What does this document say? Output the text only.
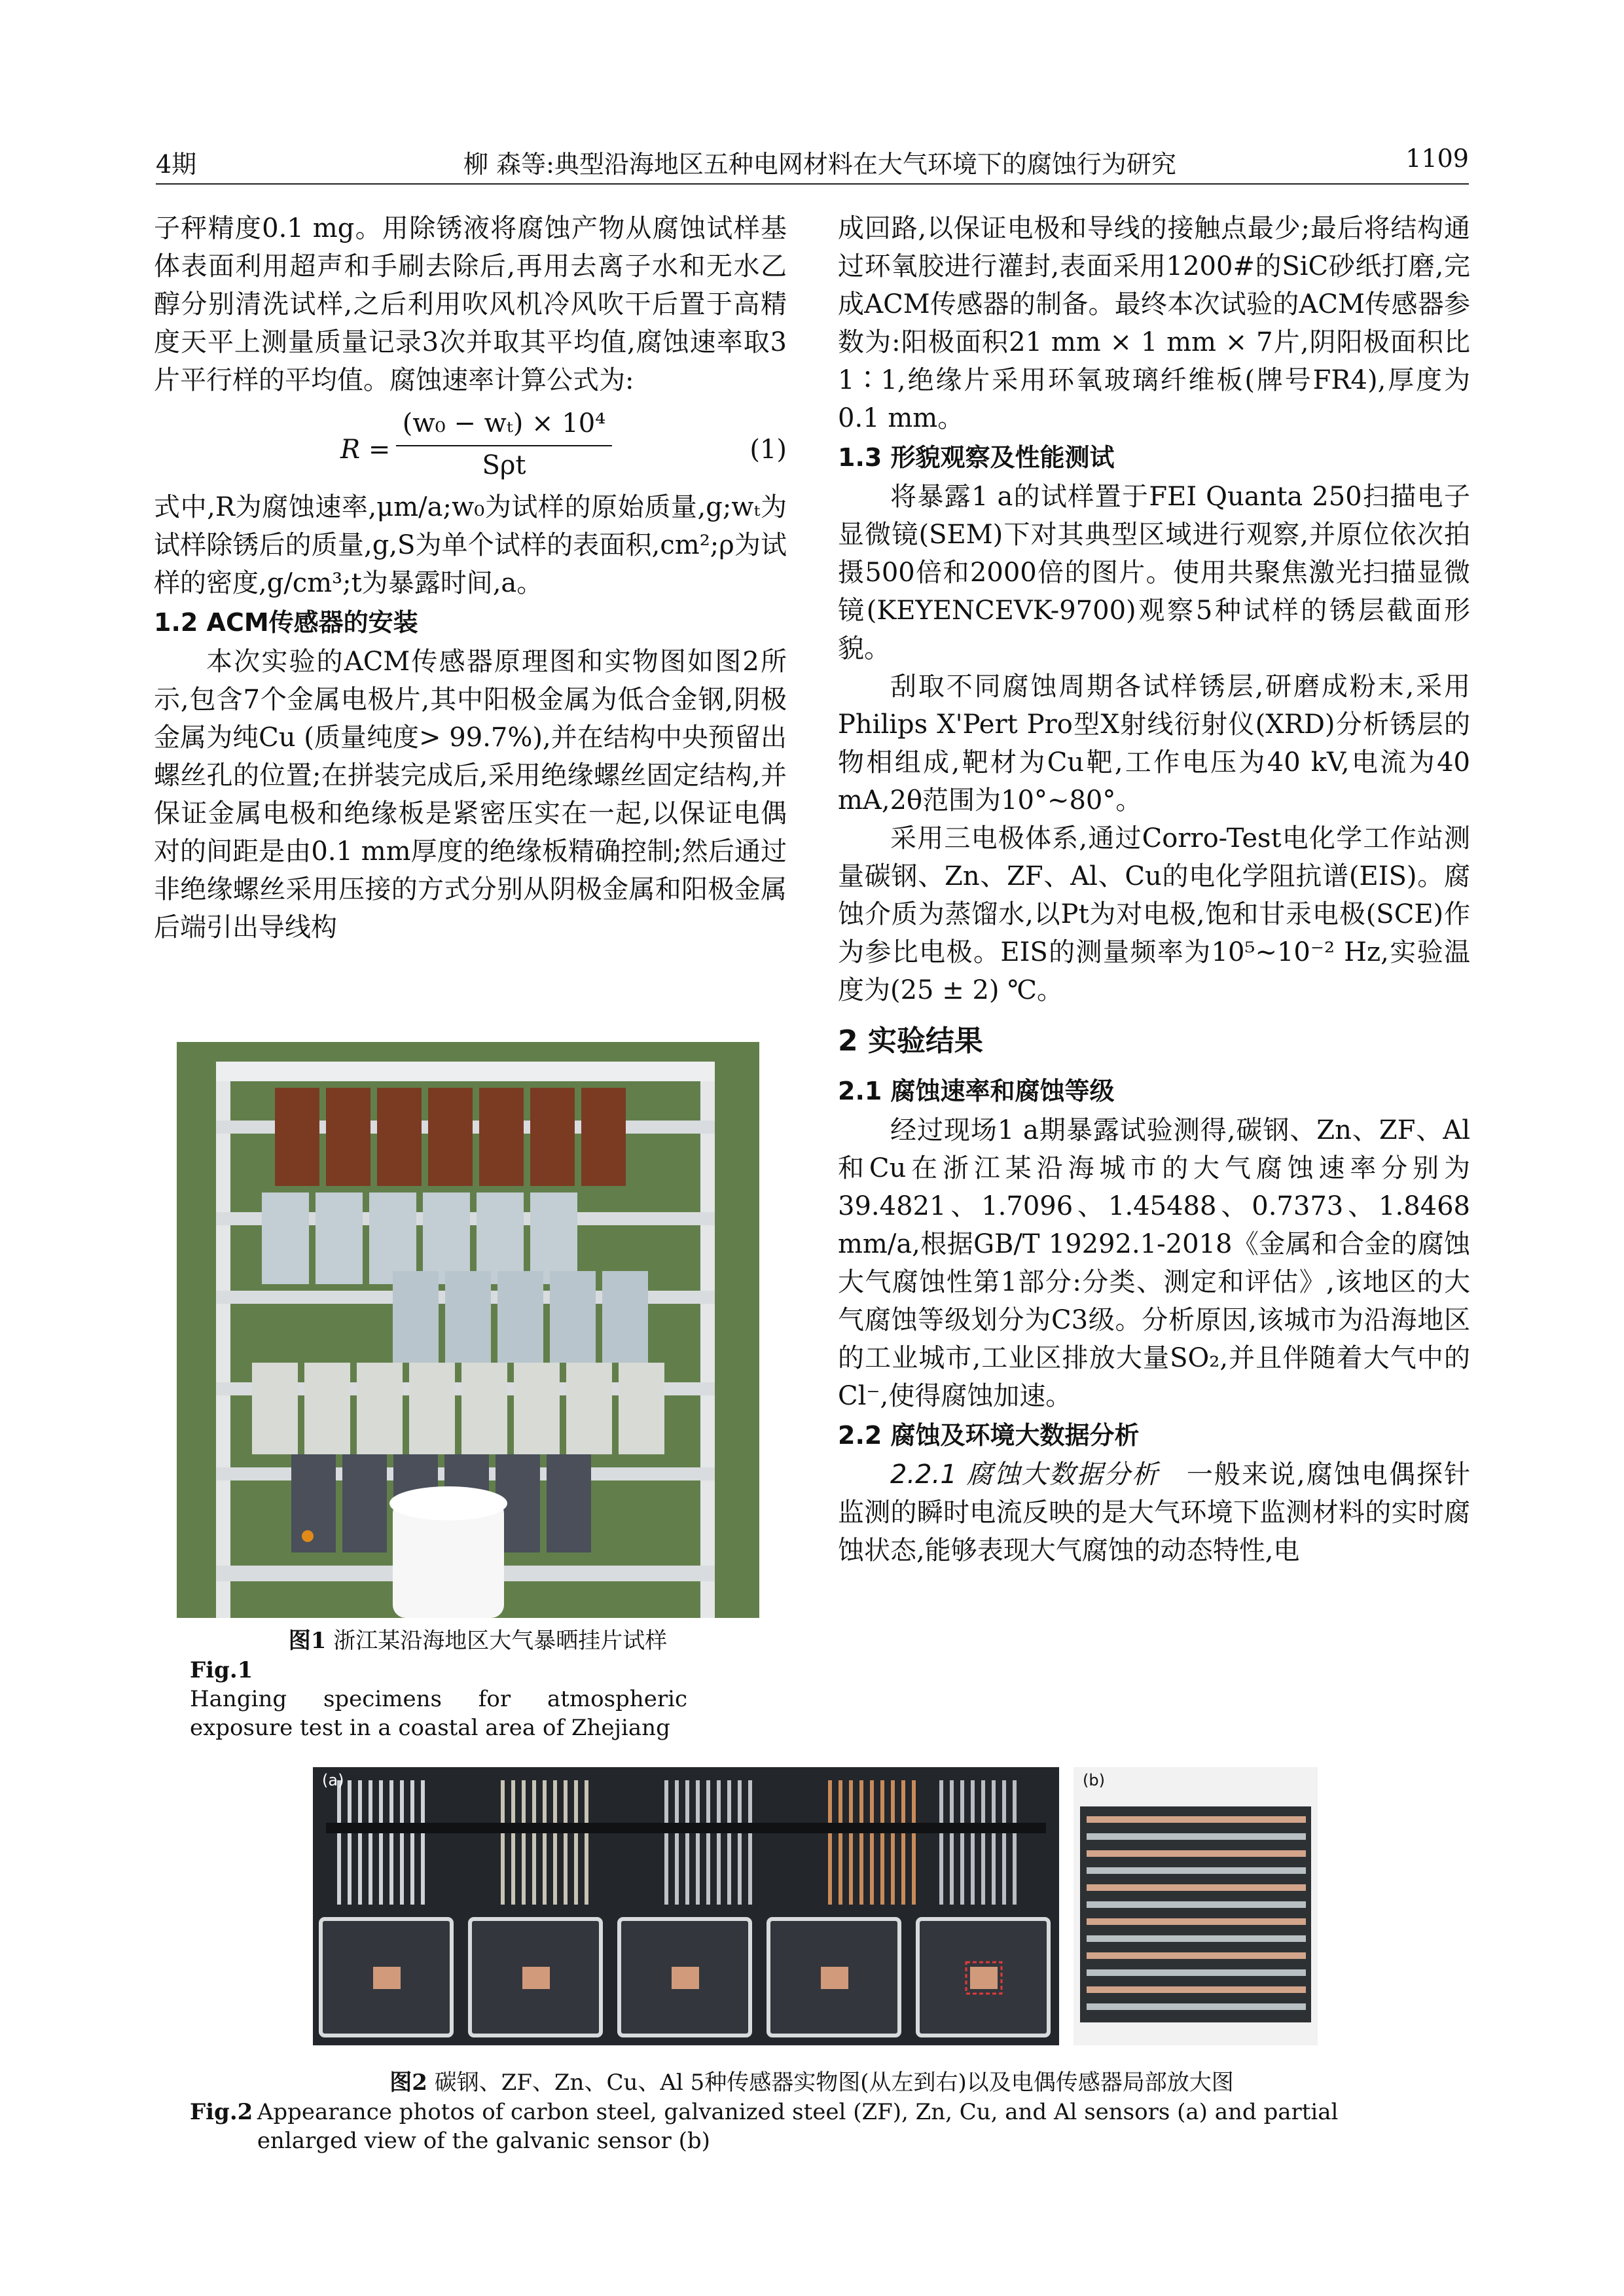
4期	柳 森等:典型沿海地区五种电网材料在大气环境下的腐蚀行为研究	1109

子秤精度0.1 mg。用除锈液将腐蚀产物从腐蚀试样基体表面利用超声和手刷去除后,再用去离子水和无水乙醇分别清洗试样,之后利用吹风机冷风吹干后置于高精度天平上测量质量记录3次并取其平均值,腐蚀速率取3片平行样的平均值。腐蚀速率计算公式为:

R =
(w₀ − wₜ) × 10⁴
Sρt
(1)

式中,R为腐蚀速率,μm/a;w₀为试样的原始质量,g;wₜ为试样除锈后的质量,g,S为单个试样的表面积,cm²;ρ为试样的密度,g/cm³;t为暴露时间,a。

1.2 ACM传感器的安装

本次实验的ACM传感器原理图和实物图如图2所示,包含7个金属电极片,其中阳极金属为低合金钢,阴极金属为纯Cu (质量纯度> 99.7%),并在结构中央预留出螺丝孔的位置;在拼装完成后,采用绝缘螺丝固定结构,并保证金属电极和绝缘板是紧密压实在一起,以保证电偶对的间距是由0.1 mm厚度的绝缘板精确控制;然后通过非绝缘螺丝采用压接的方式分别从阴极金属和阳极金属后端引出导线构

图1 浙江某沿海地区大气暴晒挂片试样
Fig.1 Hanging specimens for atmospheric exposure test in a coastal area of Zhejiang

成回路,以保证电极和导线的接触点最少;最后将结构通过环氧胶进行灌封,表面采用1200#的SiC砂纸打磨,完成ACM传感器的制备。最终本次试验的ACM传感器参数为:阳极面积21 mm × 1 mm × 7片,阴阳极面积比1∶1,绝缘片采用环氧玻璃纤维板(牌号FR4),厚度为0.1 mm。

1.3 形貌观察及性能测试

将暴露1 a的试样置于FEI Quanta 250扫描电子显微镜(SEM)下对其典型区域进行观察,并原位依次拍摄500倍和2000倍的图片。使用共聚焦激光扫描显微镜(KEYENCEVK-9700)观察5种试样的锈层截面形貌。

刮取不同腐蚀周期各试样锈层,研磨成粉末,采用Philips X'Pert Pro型X射线衍射仪(XRD)分析锈层的物相组成,靶材为Cu靶,工作电压为40 kV,电流为40 mA,2θ范围为10°~80°。

采用三电极体系,通过Corro-Test电化学工作站测量碳钢、Zn、ZF、Al、Cu的电化学阻抗谱(EIS)。腐蚀介质为蒸馏水,以Pt为对电极,饱和甘汞电极(SCE)作为参比电极。EIS的测量频率为10⁵~10⁻² Hz,实验温度为(25 ± 2) ℃。

2 实验结果
2.1 腐蚀速率和腐蚀等级

经过现场1 a期暴露试验测得,碳钢、Zn、ZF、Al和Cu在浙江某沿海城市的大气腐蚀速率分别为39.4821、1.7096、1.45488、0.7373、1.8468 mm/a,根据GB/T 19292.1-2018《金属和合金的腐蚀大气腐蚀性第1部分:分类、测定和评估》,该地区的大气腐蚀等级划分为C3级。分析原因,该城市为沿海地区的工业城市,工业区排放大量SO₂,并且伴随着大气中的Cl⁻,使得腐蚀加速。

2.2 腐蚀及环境大数据分析

2.2.1 腐蚀大数据分析  一般来说,腐蚀电偶探针监测的瞬时电流反映的是大气环境下监测材料的实时腐蚀状态,能够表现大气腐蚀的动态特性,电

(a)	(b)
图2 碳钢、ZF、Zn、Cu、Al 5种传感器实物图(从左到右)以及电偶传感器局部放大图
Fig.2 Appearance photos of carbon steel, galvanized steel (ZF), Zn, Cu, and Al sensors (a) and partial enlarged view of the galvanic sensor (b)
